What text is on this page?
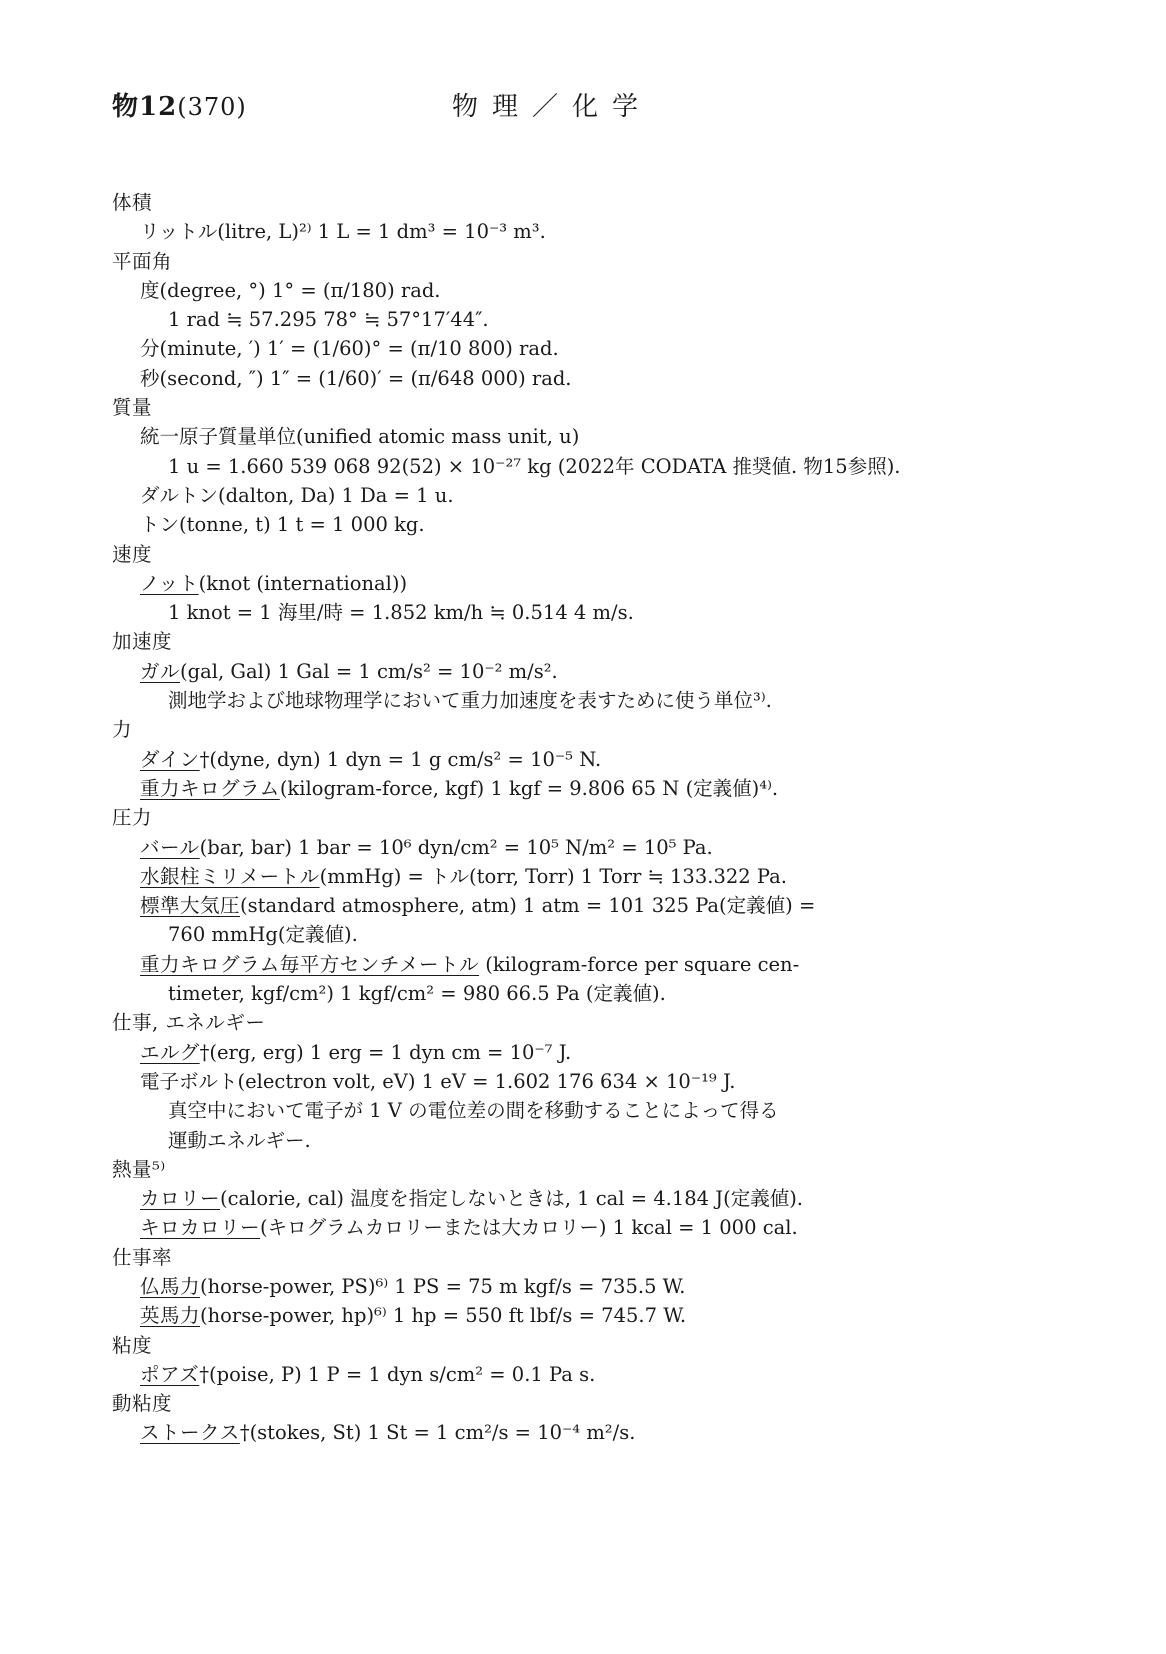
物12(370)	物理／化学
体積
リットル(litre, L)²⁾ 1 L = 1 dm³ = 10⁻³ m³.
平面角
度(degree, °) 1° = (π/180) rad.
1 rad ≒ 57.295 78° ≒ 57°17′44″.
分(minute, ′) 1′ = (1/60)° = (π/10 800) rad.
秒(second, ″) 1″ = (1/60)′ = (π/648 000) rad.
質量
統一原子質量単位(unified atomic mass unit, u)
1 u = 1.660 539 068 92(52) × 10⁻²⁷ kg (2022年 CODATA 推奨値. 物15参照).
ダルトン(dalton, Da) 1 Da = 1 u.
トン(tonne, t) 1 t = 1 000 kg.
速度
ノット(knot (international))
1 knot = 1 海里/時 = 1.852 km/h ≒ 0.514 4 m/s.
加速度
ガル(gal, Gal) 1 Gal = 1 cm/s² = 10⁻² m/s².
測地学および地球物理学において重力加速度を表すために使う単位³⁾.
力
ダイン†(dyne, dyn) 1 dyn = 1 g cm/s² = 10⁻⁵ N.
重力キログラム(kilogram-force, kgf) 1 kgf = 9.806 65 N (定義値)⁴⁾.
圧力
バール(bar, bar) 1 bar = 10⁶ dyn/cm² = 10⁵ N/m² = 10⁵ Pa.
水銀柱ミリメートル(mmHg) = トル(torr, Torr) 1 Torr ≒ 133.322 Pa.
標準大気圧(standard atmosphere, atm) 1 atm = 101 325 Pa(定義値) =
760 mmHg(定義値).
重力キログラム毎平方センチメートル (kilogram-force per square cen-
timeter, kgf/cm²) 1 kgf/cm² = 980 66.5 Pa (定義値).
仕事, エネルギー
エルグ†(erg, erg) 1 erg = 1 dyn cm = 10⁻⁷ J.
電子ボルト(electron volt, eV) 1 eV = 1.602 176 634 × 10⁻¹⁹ J.
真空中において電子が 1 V の電位差の間を移動することによって得る
運動エネルギー.
熱量⁵⁾
カロリー(calorie, cal) 温度を指定しないときは, 1 cal = 4.184 J(定義値).
キロカロリー(キログラムカロリーまたは大カロリー) 1 kcal = 1 000 cal.
仕事率
仏馬力(horse-power, PS)⁶⁾ 1 PS = 75 m kgf/s = 735.5 W.
英馬力(horse-power, hp)⁶⁾ 1 hp = 550 ft lbf/s = 745.7 W.
粘度
ポアズ†(poise, P) 1 P = 1 dyn s/cm² = 0.1 Pa s.
動粘度
ストークス†(stokes, St) 1 St = 1 cm²/s = 10⁻⁴ m²/s.
